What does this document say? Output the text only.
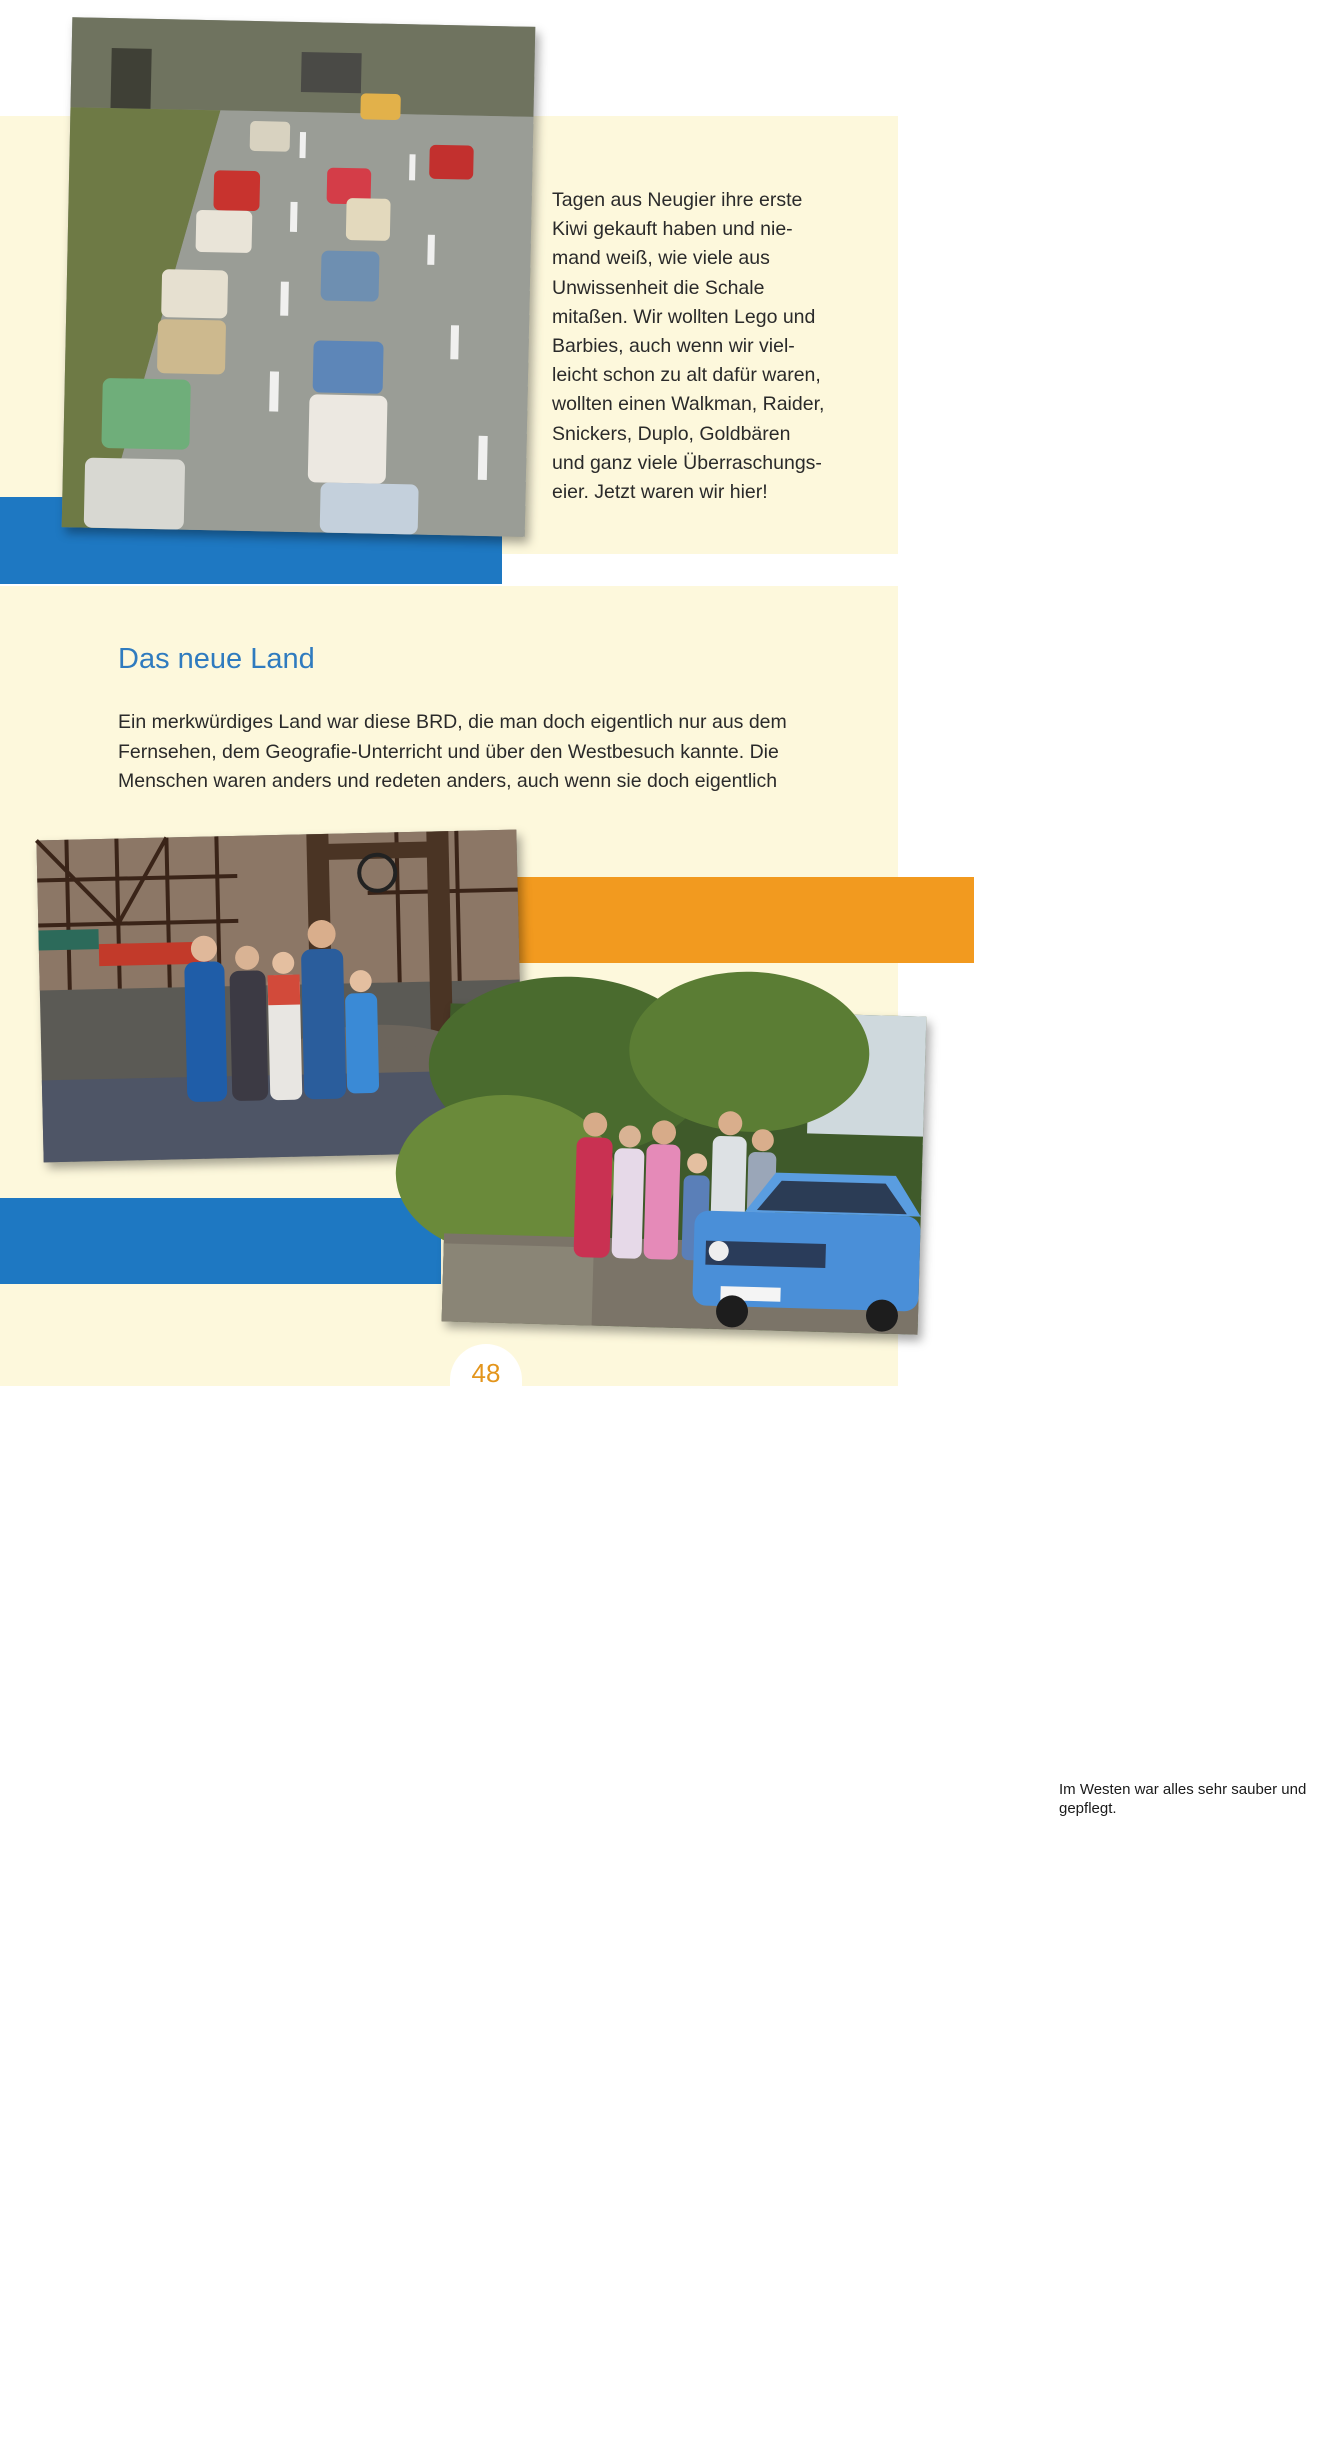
Tagen aus Neugier ihre erste
Kiwi gekauft haben und nie-
mand weiß, wie viele aus
Unwissenheit die Schale
mitaßen. Wir wollten Lego und
Barbies, auch wenn wir viel-
leicht schon zu alt dafür waren,
wollten einen Walkman, Raider,
Snickers, Duplo, Goldbären
und ganz viele Überraschungs-
eier. Jetzt waren wir hier!

Das neue Land

Ein merkwürdiges Land war diese BRD, die man doch eigentlich nur aus dem
Fernsehen, dem Geografie-Unterricht und über den Westbesuch kannte. Die
Menschen waren anders und redeten anders, auch wenn sie doch eigentlich

Im Westen war alles sehr sauber und gepflegt.

Jetzt konnten wir auch einmal die Tanten und Onkel im Westen besuchen.

48
